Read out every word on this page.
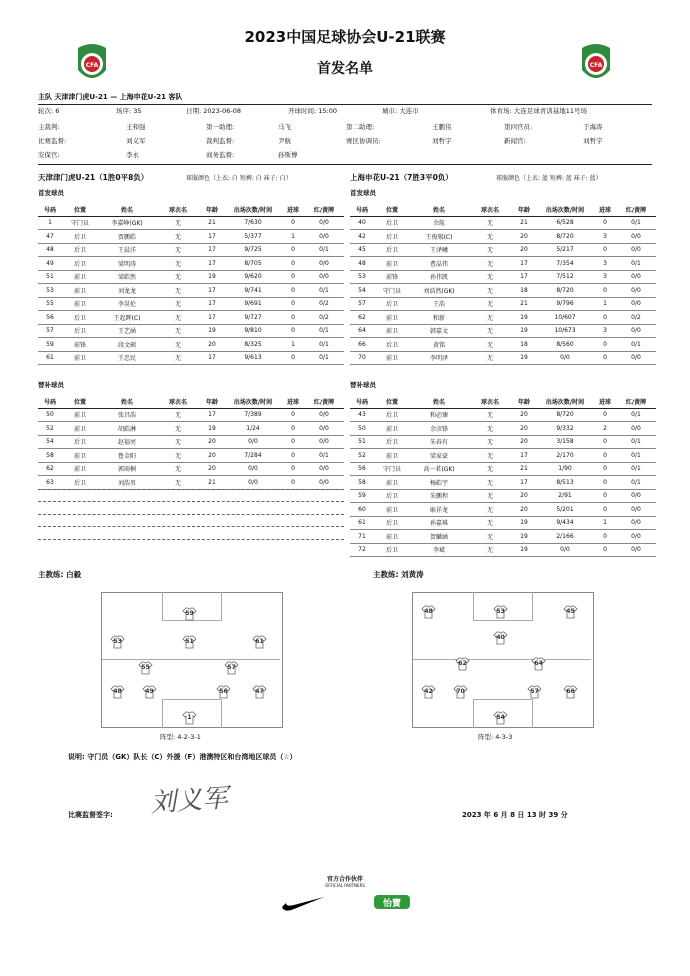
CFA	CFA
2023中国足球协会U-21联赛
首发名单
主队 天津津门虎U-21 — 上海申花U-21 客队
轮次: 6	场序: 35	日期: 2023-06-08	开球时间: 15:00	城市: 大连市	体育场: 大连足球青训基地11号场
主裁判:	王和强	第一助理:	马飞	第二助理:	王鹏伟	第四官员:	于海涛
比赛监督:	刘义军	裁判监督:	尹航	赛区协调员:	刘哲宇	新闻官:	刘哲宇
安保官:	李永	商务监督:	孙斯博
天津津门虎U-21（1胜0平8负）	球服颜色（上衣: 白 短裤: 白 袜子: 白）	上海申花U-21（7胜3平0负）	球服颜色（上衣: 蓝 短裤: 蓝 袜子: 蓝）
首发球员	首发球员
号码	位置	姓名	球衣名	年龄	出场次数/时间	进球	红/黄牌
1	守门员	李嘉峥(GK)	无	21	7/630	0	0/0
47	后卫	贾鹏皓	无	17	5/377	1	0/0
48	后卫	王晨洋	无	17	9/725	0	0/1
49	后卫	梁明涛	无	17	8/705	0	0/0
51	前卫	梁皓然	无	19	9/620	0	0/0
53	前卫	刘龙龙	无	17	9/741	0	0/1
55	前卫	李昊伦	无	17	9/691	0	0/2
56	后卫	王起晖(C)	无	17	9/727	0	0/2
57	后卫	王艺涵	无	19	9/810	0	0/1
59	前锋	段文硕	无	20	8/325	1	0/1
61	前卫	王忠民	无	17	9/613	0	0/1
号码	位置	姓名	球衣名	年龄	出场次数/时间	进球	红/黄牌
40	后卫	余航	无	21	6/528	0	0/1
42	后卫	王俊锡(C)	无	20	8/720	3	0/0
45	后卫	王泽曦	无	20	5/217	0	0/0
48	前卫	曹晶伟	无	17	7/354	3	0/1
53	前锋	孙伟凯	无	17	7/512	3	0/0
54	守门员	刘浩然(GK)	无	18	8/720	0	0/0
57	后卫	王浩	无	21	9/796	1	0/0
62	前卫	和新	无	19	10/607	0	0/2
64	前卫	韩嘉文	无	19	10/673	3	0/0
66	后卫	黄铭	无	18	8/560	0	0/1
70	前卫	李明泽	无	19	0/0	0	0/0
替补球员	替补球员
号码	位置	姓名	球衣名	年龄	出场次数/时间	进球	红/黄牌
50	前卫	张昌浩	无	17	7/389	0	0/0
52	前卫	胡皓淋	无	19	1/24	0	0/0
54	后卫	赵福亮	无	20	0/0	0	0/0
58	前卫	鲁金阳	无	20	7/284	0	0/1
62	前卫	郭雨桐	无	20	0/0	0	0/0
63	后卫	刘浩男	无	21	0/0	0	0/0
号码	位置	姓名	球衣名	年龄	出场次数/时间	进球	红/黄牌
43	后卫	和必臻	无	20	8/720	0	0/1
50	前卫	余彦锋	无	20	9/332	2	0/0
51	后卫	朱春有	无	20	3/158	0	0/1
52	前卫	梁家豪	无	17	2/170	0	0/1
56	守门员	高一茗(GK)	无	21	1/90	0	0/1
58	前卫	杨皓宇	无	17	8/513	0	0/1
59	后卫	朱鹏程	无	20	2/91	0	0/0
60	前卫	耿祥龙	无	20	5/201	0	0/0
61	后卫	孙嘉琪	无	19	9/434	1	0/0
71	前卫	贺麟涵	无	19	2/166	0	0/0
72	后卫	李斌	无	19	0/0	0	0/0
主教练: 白毅	主教练: 刘黄涛
59
53	51	61
55	57
48	49	56	47
1
48	53	45
40
62	64
42	70	57	66
54
阵型: 4-2-3-1	阵型: 4-3-3
说明: 守门员（GK）队长（C）外援（F）港澳特区和台湾地区球员（☆）
比赛监督签字: 刘义军	2023 年 6 月 8 日 13 时 39 分
官方合作伙伴
OFFICIAL PARTNERS
怡寶
